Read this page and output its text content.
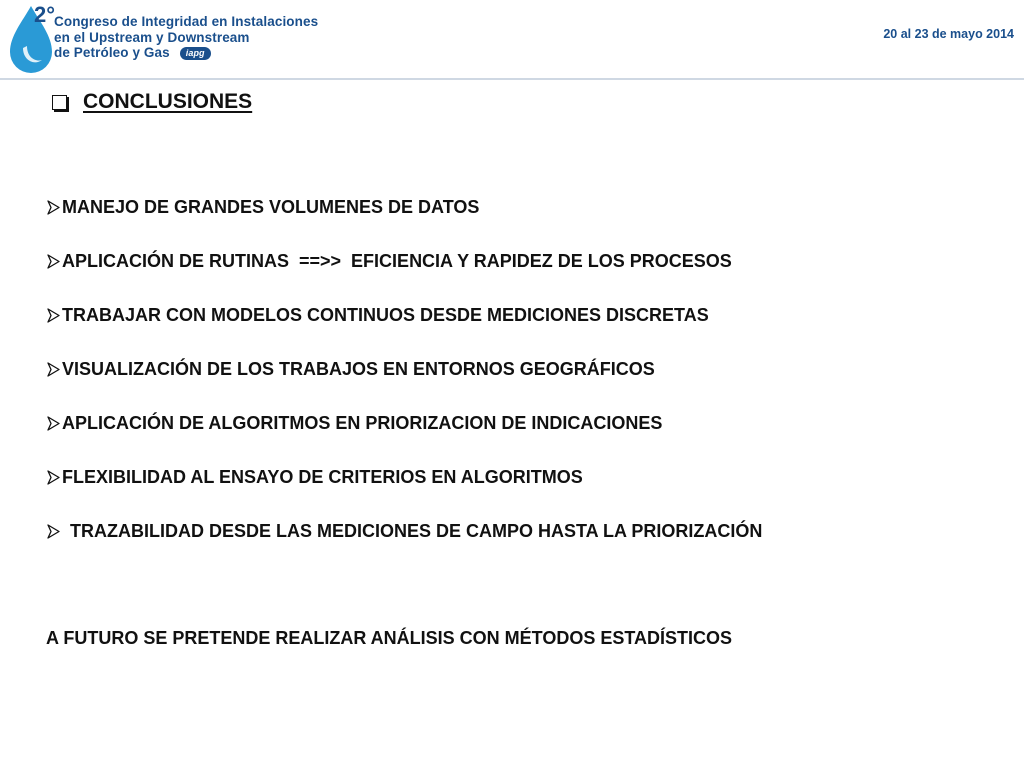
2°
Congreso de Integridad en Instalaciones
en el Upstream y Downstream
de Petróleo y Gas iapg
20 al 23 de mayo 2014
CONCLUSIONES
MANEJO DE GRANDES VOLUMENES DE DATOS
APLICACIÓN DE RUTINAS  ==>>  EFICIENCIA Y RAPIDEZ DE LOS PROCESOS
TRABAJAR CON MODELOS CONTINUOS DESDE MEDICIONES DISCRETAS
VISUALIZACIÓN DE LOS TRABAJOS EN ENTORNOS GEOGRÁFICOS
APLICACIÓN DE ALGORITMOS EN PRIORIZACION DE INDICACIONES
FLEXIBILIDAD AL ENSAYO DE CRITERIOS EN ALGORITMOS
TRAZABILIDAD DESDE LAS MEDICIONES DE CAMPO HASTA LA PRIORIZACIÓN
A FUTURO SE PRETENDE REALIZAR ANÁLISIS CON MÉTODOS ESTADÍSTICOS
